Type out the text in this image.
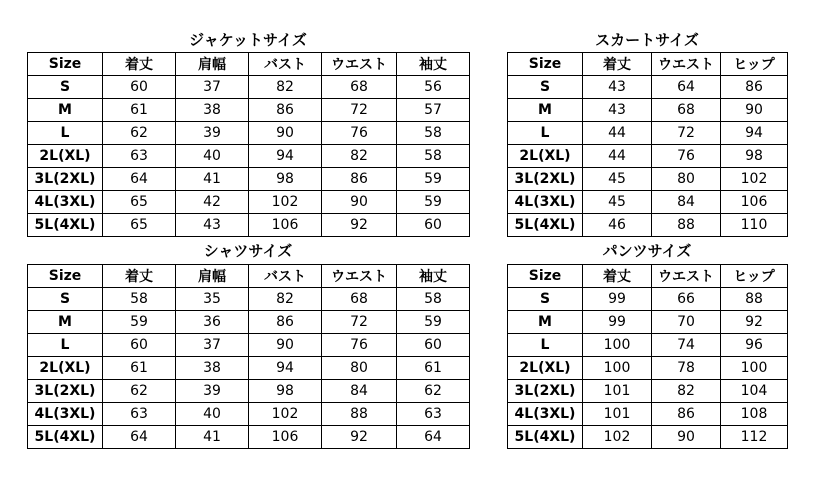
ジャケットサイズ
Size	着丈	肩幅	バスト	ウエスト	袖丈
S	60	37	82	68	56
M	61	38	86	72	57
L	62	39	90	76	58
2L(XL)	63	40	94	82	58
3L(2XL)	64	41	98	86	59
4L(3XL)	65	42	102	90	59
5L(4XL)	65	43	106	92	60
スカートサイズ
Size	着丈	ウエスト	ヒップ
S	43	64	86
M	43	68	90
L	44	72	94
2L(XL)	44	76	98
3L(2XL)	45	80	102
4L(3XL)	45	84	106
5L(4XL)	46	88	110
シャツサイズ
Size	着丈	肩幅	バスト	ウエスト	袖丈
S	58	35	82	68	58
M	59	36	86	72	59
L	60	37	90	76	60
2L(XL)	61	38	94	80	61
3L(2XL)	62	39	98	84	62
4L(3XL)	63	40	102	88	63
5L(4XL)	64	41	106	92	64
パンツサイズ
Size	着丈	ウエスト	ヒップ
S	99	66	88
M	99	70	92
L	100	74	96
2L(XL)	100	78	100
3L(2XL)	101	82	104
4L(3XL)	101	86	108
5L(4XL)	102	90	112
